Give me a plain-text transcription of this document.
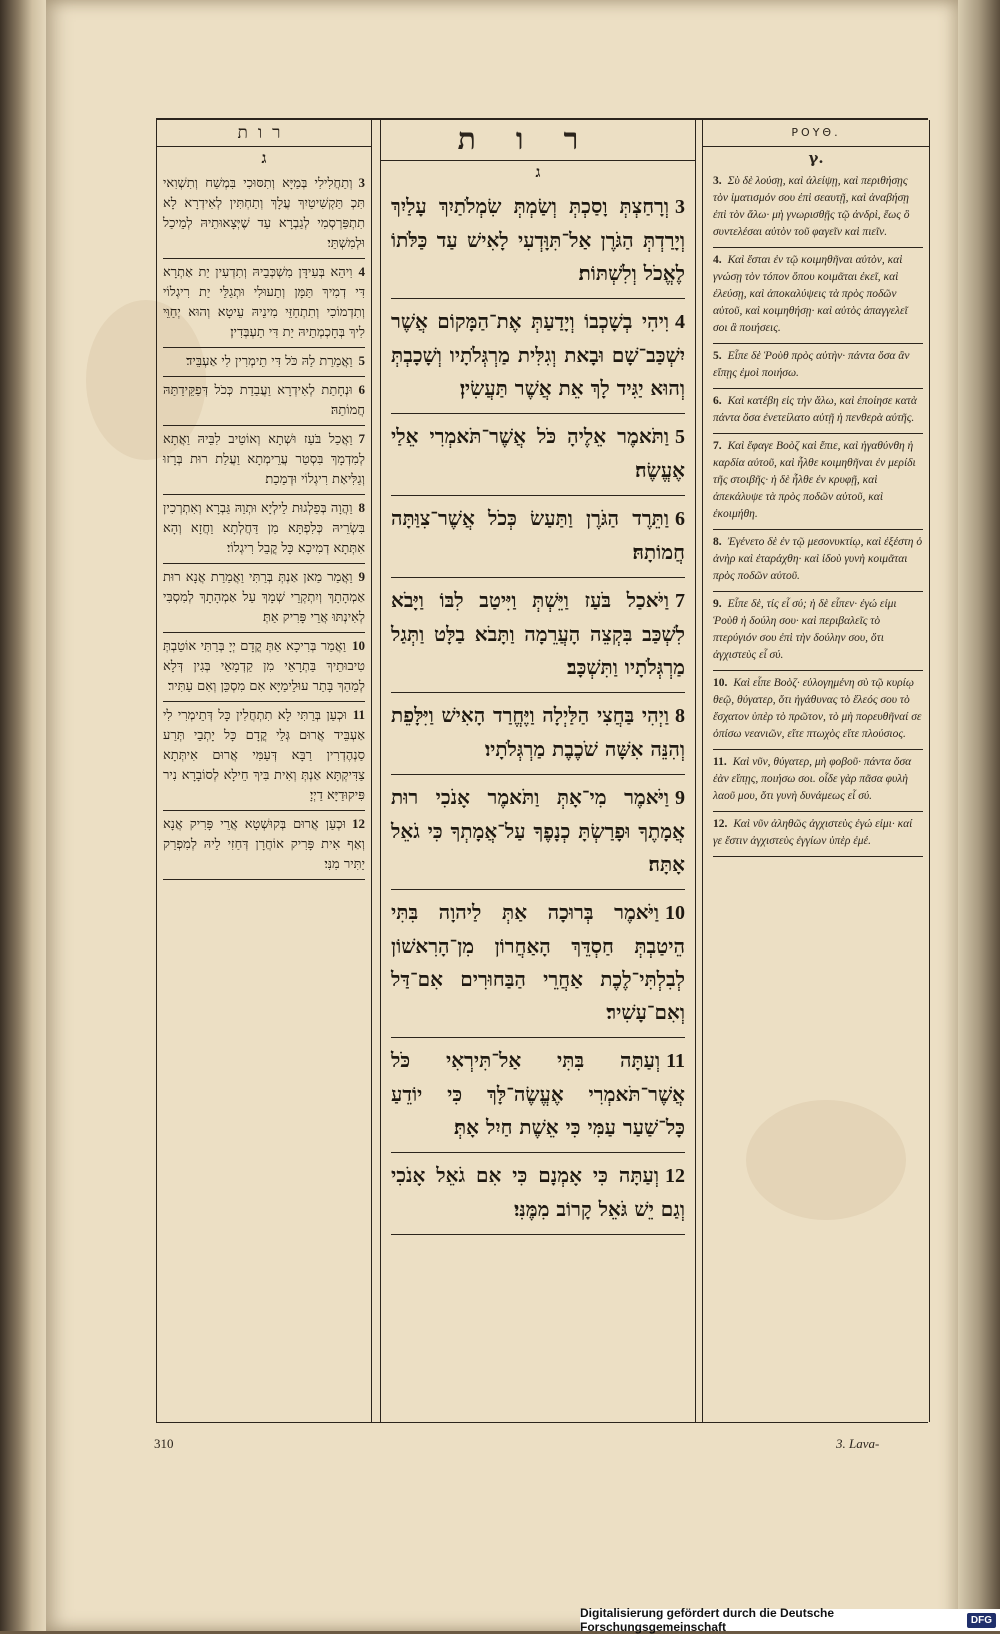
רות
ג
3וְתַחֲלִילִי בְּמַיָּא וְתִסּוּכִי בִּמְשַׁח וְתִשְׁוִאי תִּכְ תַּקְשִׁיטַיִךְ עֲלָךְ וְתַחְתִּין לְאִידְרָא לָא תִתְפַּרְסְמִי לְגַבְרָא עַד שֶׁיְּצָאוּתֵיהּ לְמֵיכַל וּלְמִשְׁתֵּי׃
4וִיהֵא בְּעִידָּן מִשְׁכְּבֵיהּ וְתִדְעִין יַת אַתְרָא דִּי דְמִיךְ תַּמָּן וְתֵעוּלִי וּתְגַלֵּי יַת רִיגְלוֹי וְתִדְמוֹכִי וְתִתְחַזֵּי מִינֵיהּ עֵיטָא וְהוּא יְחַוֵּי לִיךְ בְּחָכְמְתֵיהּ יַת דִּי תַעְבְּדִין׃
5וַאֲמַרַת לַהּ כֹּל דִּי תֵימְרִין לִי אַעְבֵּיד׃
6וּנְחָתַת לְאִידְרָא וַעֲבַדַת כְּכֹל דְּפַקֵּידַתַּהּ חֲמוֹתַהּ׃
7וַאֲכַל בֹּעַז וּשְׁתָא וְאוֹטֵיב לִבֵּיהּ וַאֲתָא לְמִדְמָךְ בִּסְטַר עֲרֵימְתָא וַעֲלַת רוּת בְּרָזוּ וְגַלִּיאַת רִיגְלוֹי וּדְמַכַת׃
8וַהֲוָה בְּפַלְגוּת לֵילְיָא וּתְוַהּ גַּבְרָא וְאִתְרְכִין בִּשְׂרֵיהּ כְּלִפְתָּא מִן דַּחֲלְתָא וַחֲזָא וְהָא אִתְּתָא דְמִיכָא כָּל קֳבֵל רִיגְלוֹי׃
9וַאֲמַר מַאן אַנְתְּ בְּרַתִּי וַאֲמַרַת אֲנָא רוּת אַמְהָתָךְ וְיִתְקְרֵי שְׁמָךְ עַל אַמְהָתָךְ לְמִסְבִּי לְאִינְתּוּ אֲרֵי פָּרִיק אַתְּ׃
10וַאֲמַר בְּרִיכָא אַתְּ קֳדָם יְיָ בְּרַתִּי אוֹטֵבְתְּ טִיבוּתֵיךְ בַּתְרָאֵי מִן קַדְמָאֵי בְּגִין דְּלָא לְמֵהַךְ בָּתַר עוּלֵימַיָּא אִם מִסְכֵּן וְאִם עַתִּיר׃
11וּכְעַן בְּרַתִּי לָא תִתְחֲלִין כָּל דְּתֵימְרִי לִי אַעְבֵּיד אֲרוּם גְּלֵי קֳדָם כָּל יָתְבֵי תְּרַע סַנְהֶדְרִין רַבָּא דְּעַמִּי אֲרוּם אִיתְּתָא צַדִּיקְתָּא אַנְתְּ וְאִית בִּיךְ חֵילָא לְסוֹבָרָא נִיר פִּיקוּדַיָּא דַיְיָ׃
12וּכְעַן אֲרוּם בְּקוּשְׁטָא אֲרֵי פָּרִיק אֲנָא וְאַף אִית פָּרִיק אוֹחֲרָן דְּחַזִי לֵיהּ לְמִפְרַק יַתִּיר מִנִּי׃
רות
ג
3וְרָחַצְתְּ וָסַכְתְּ וְשַׂמְתְּ שִׂמְלֹתַיִךְ עָלַיִךְ וְיָרַדְתְּ הַגֹּרֶן אַל־תִּוָּדְעִי לָאִישׁ עַד כַּלֹּתוֹ לֶאֱכֹל וְלִשְׁתּוֹת׃
4וִיהִי בְשָׁכְבוֹ וְיָדַעַתְּ אֶת־הַמָּקוֹם אֲשֶׁר יִשְׁכַּב־שָׁם וּבָאת וְגִלִּית מַרְגְּלֹתָיו וְשָׁכָבְתְּ וְהוּא יַגִּיד לָךְ אֵת אֲשֶׁר תַּעֲשִׂין׃
5וַתֹּאמֶר אֵלֶיהָ כֹּל אֲשֶׁר־תֹּאמְרִי אֵלַי אֶעֱשֶׂה׃
6וַתֵּרֶד הַגֹּרֶן וַתַּעַשׂ כְּכֹל אֲשֶׁר־צִוַּתָּה חֲמוֹתָהּ׃
7וַיֹּאכַל בֹּעַז וַיֵּשְׁתְּ וַיִּיטַב לִבּוֹ וַיָּבֹא לִשְׁכַּב בִּקְצֵה הָעֲרֵמָה וַתָּבֹא בַלָּט וַתְּגַל מַרְגְּלֹתָיו וַתִּשְׁכָּב׃
8וַיְהִי בַּחֲצִי הַלַּיְלָה וַיֶּחֱרַד הָאִישׁ וַיִּלָּפֵת וְהִנֵּה אִשָּׁה שֹׁכֶבֶת מַרְגְּלֹתָיו׃
9וַיֹּאמֶר מִי־אָתְּ וַתֹּאמֶר אָנֹכִי רוּת אֲמָתֶךָ וּפָרַשְׂתָּ כְנָפֶךָ עַל־אֲמָתְךָ כִּי גֹאֵל אָתָּה׃
10וַיֹּאמֶר בְּרוּכָה אַתְּ לַיהוָה בִּתִּי הֵיטַבְתְּ חַסְדֵּךְ הָאַחֲרוֹן מִן־הָרִאשׁוֹן לְבִלְתִּי־לֶכֶת אַחֲרֵי הַבַּחוּרִים אִם־דַּל וְאִם־עָשִׁיר׃
11וְעַתָּה בִּתִּי אַל־תִּירְאִי כֹּל אֲשֶׁר־תֹּאמְרִי אֶעֱשֶׂה־לָּךְ כִּי יוֹדֵעַ כָּל־שַׁעַר עַמִּי כִּי אֵשֶׁת חַיִל אָתְּ׃
12וְעַתָּה כִּי אָמְנָם כִּי אִם גֹאֵל אָנֹכִי וְגַם יֵשׁ גֹּאֵל קָרוֹב מִמֶּנִּי׃
ΡΟΥΘ.
γ.
3. Σὺ δὲ λούσῃ, καὶ ἀλείψῃ, καὶ περιθήσῃς τὸν ἱματισμόν σου ἐπὶ σεαυτῇ, καὶ ἀναβήσῃ ἐπὶ τὸν ἅλω· μὴ γνωρισθῇς τῷ ἀνδρὶ, ἕως ὃ συντελέσαι αὐτὸν τοῦ φαγεῖν καὶ πιεῖν.
4. Καὶ ἔσται ἐν τῷ κοιμηθῆναι αὐτὸν, καὶ γνώσῃ τὸν τόπον ὅπου κοιμᾶται ἐκεῖ, καὶ ἐλεύσῃ, καὶ ἀποκαλύψεις τὰ πρὸς ποδῶν αὐτοῦ, καὶ κοιμηθήσῃ· καὶ αὐτὸς ἀπαγγελεῖ σοι ἃ ποιήσεις.
5. Εἶπε δὲ Ῥοὺθ πρὸς αὐτὴν· πάντα ὅσα ἂν εἴπῃς ἐμοὶ ποιήσω.
6. Καὶ κατέβη εἰς τὴν ἅλω, καὶ ἐποίησε κατὰ πάντα ὅσα ἐνετείλατο αὐτῇ ἡ πενθερὰ αὐτῆς.
7. Καὶ ἔφαγε Βοὸζ καὶ ἔπιε, καὶ ἠγαθύνθη ἡ καρδία αὐτοῦ, καὶ ἦλθε κοιμηθῆναι ἐν μερίδι τῆς στοιβῆς· ἡ δὲ ἦλθε ἐν κρυφῇ, καὶ ἀπεκάλυψε τὰ πρὸς ποδῶν αὐτοῦ, καὶ ἐκοιμήθη.
8. Ἐγένετο δὲ ἐν τῷ μεσονυκτίῳ, καὶ ἐξέστη ὁ ἀνὴρ καὶ ἐταράχθη· καὶ ἰδοὺ γυνὴ κοιμᾶται πρὸς ποδῶν αὐτοῦ.
9. Εἶπε δὲ, τίς εἶ σύ; ἡ δὲ εἶπεν· ἐγώ εἰμι Ῥοὺθ ἡ δούλη σου· καὶ περιβαλεῖς τὸ πτερύγιόν σου ἐπὶ τὴν δούλην σου, ὅτι ἀγχιστεὺς εἶ σύ.
10. Καὶ εἶπε Βοὸζ· εὐλογημένη σὺ τῷ κυρίῳ θεῷ, θύγατερ, ὅτι ἠγάθυνας τὸ ἔλεός σου τὸ ἔσχατον ὑπὲρ τὸ πρῶτον, τὸ μὴ πορευθῆναί σε ὀπίσω νεανιῶν, εἴτε πτωχὸς εἴτε πλούσιος.
11. Καὶ νῦν, θύγατερ, μὴ φοβοῦ· πάντα ὅσα ἐὰν εἴπῃς, ποιήσω σοι. οἶδε γὰρ πᾶσα φυλὴ λαοῦ μου, ὅτι γυνὴ δυνάμεως εἶ σύ.
12. Καὶ νῦν ἀληθῶς ἀγχιστεὺς ἐγώ εἰμι· καί γε ἔστιν ἀγχιστεὺς ἐγγίων ὑπὲρ ἐμέ.
310	3. Lava-
Digitalisierung gefördert durch die Deutsche Forschungsgemeinschaft	DFG
